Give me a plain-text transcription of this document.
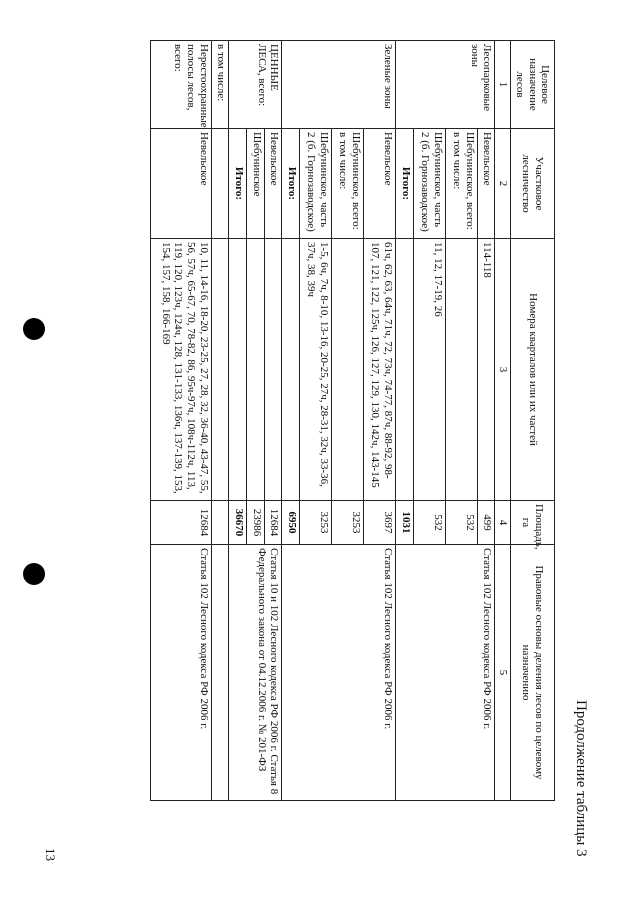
Продолжение таблицы 3
13
Целевое назначение лесов	Участковое лесничество	Номера кварталов или их частей	Площадь, га	Правовые основы деления лесов по целевому назначению
1	2	3	4	5
Лесопарковые зоны	Невельское	114-118	499	Статья 102 Лесного кодекса РФ 2006 г.
	Шебунинское, всего: в том числе:		532	
	Шебунинское, часть 2 (б. Горнозаводское)	11, 12, 17-19, 26	532	
	Итого:		1031	
Зеленые зоны	Невельское	61ч, 62, 63, 64ч, 71ч, 72, 73ч, 74-77, 87ч, 88-92, 98-107, 121, 122, 125ч, 126, 127, 129, 130, 142ч, 143-145	3697	Статья 102 Лесного кодекса РФ 2006 г.
	Шебунинское, всего: в том числе:		3253	
	Шебунинское, часть 2 (б. Горнозаводское)	1-5, 6ч, 7ч, 8-10, 13-16, 20-25, 27ч, 28-31, 32ч, 33-36, 37ч, 38, 39ч	3253	
	Итого:		6950	
ЦЕННЫЕ ЛЕСА, всего:	Невельское		12684	Статья 10 и 102 Лесного кодекса РФ 2006 г. Статья 8 Федерального закона от 04.12.2006 г. № 201-ФЗ
	Шебунинское		23986	
	Итого:		36670	
в том числе:				
Нерестоохранные полосы лесов, всего:	Невельское	10, 11, 14-16, 18-20, 23-25, 27, 28, 32, 36-40, 43-47, 55, 56, 57ч, 65-67, 70, 78-82, 86, 95ч-97ч, 108ч-112ч, 113, 119, 120, 123ч, 124ч, 128, 131-133, 136ч, 137-139, 153, 154, 157, 158, 166-169	12684	Статья 102 Лесного кодекса РФ 2006 г.
